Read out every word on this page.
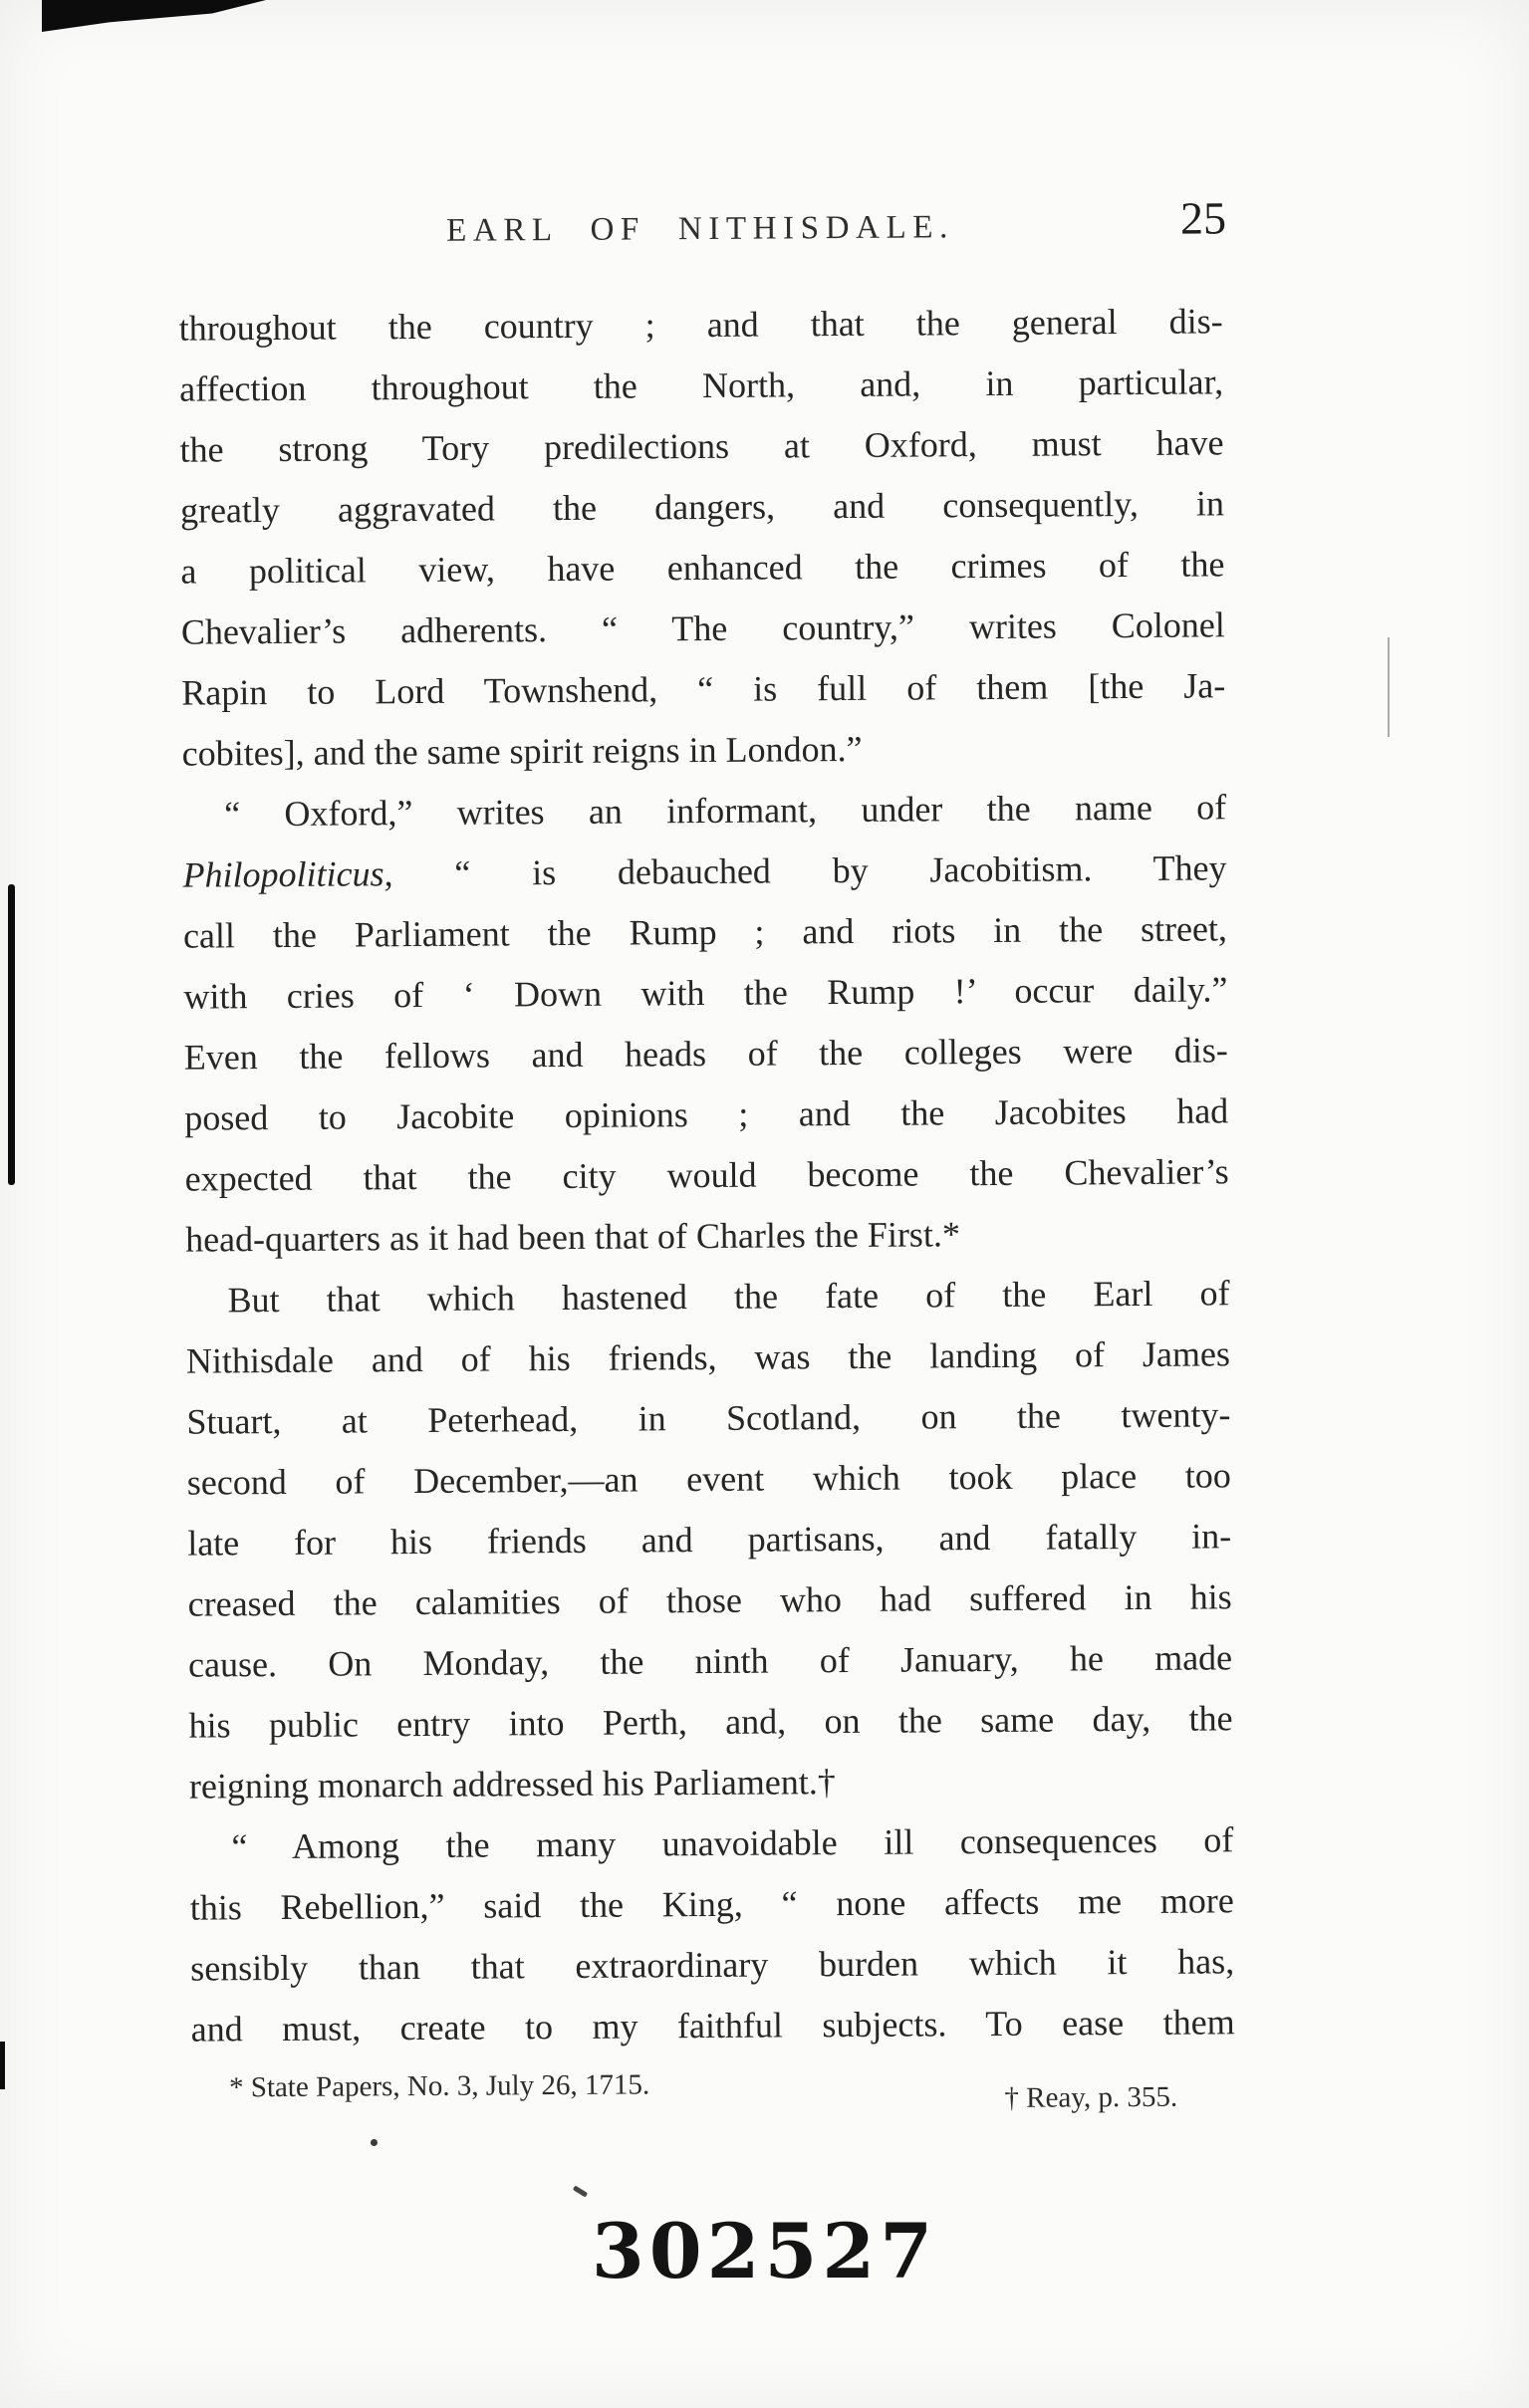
EARL OF NITHISDALE.	25
throughout the country ; and that the general dis-
affection throughout the North, and, in particular,
the strong Tory predilections at Oxford, must have
greatly aggravated the dangers, and consequently, in
a political view, have enhanced the crimes of the
Chevalier’s adherents. “ The country,” writes Colonel
Rapin to Lord Townshend, “ is full of them [the Ja-
cobites], and the same spirit reigns in London.”
“ Oxford,” writes an informant, under the name of
Philopoliticus, “ is debauched by Jacobitism. They
call the Parliament the Rump ; and riots in the street,
with cries of ‘ Down with the Rump !’ occur daily.”
Even the fellows and heads of the colleges were dis-
posed to Jacobite opinions ; and the Jacobites had
expected that the city would become the Chevalier’s
head-quarters as it had been that of Charles the First.*
But that which hastened the fate of the Earl of
Nithisdale and of his friends, was the landing of James
Stuart, at Peterhead, in Scotland, on the twenty-
second of December,—an event which took place too
late for his friends and partisans, and fatally in-
creased the calamities of those who had suffered in his
cause. On Monday, the ninth of January, he made
his public entry into Perth, and, on the same day, the
reigning monarch addressed his Parliament.†
“ Among the many unavoidable ill consequences of
this Rebellion,” said the King, “ none affects me more
sensibly than that extraordinary burden which it has,
and must, create to my faithful subjects. To ease them
* State Papers, No. 3, July 26, 1715.	† Reay, p. 355.
302527
